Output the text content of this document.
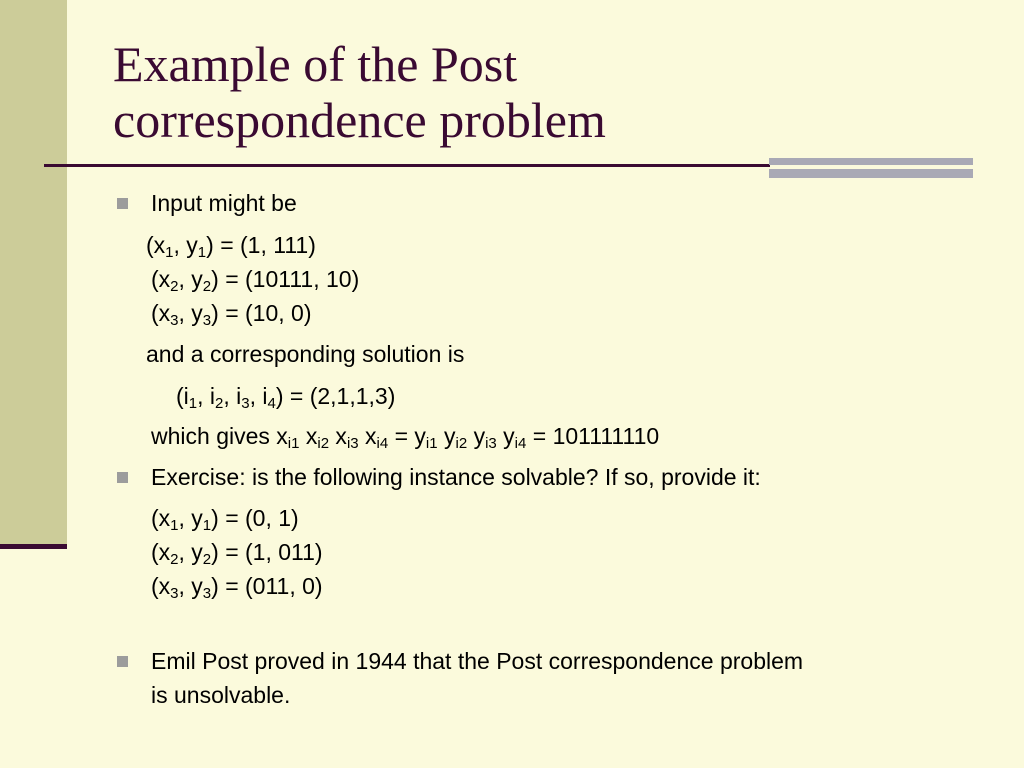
Example of the Post
correspondence problem
Input might be
($x_1$, $y_1) = (1$, 111)
($x_2$, $y_2) = (10111$, 10)
($x_3$, $y_3) = (10$, 0)
and a corresponding solution is
($i_1$, $i_2$, $i_3$, $i_4) = (2,1,1,3)$
which gives $x_{i1}$ $x_{i2}$ $x_{i3}$ $x_{i4} = y_{i1}$ $y_{i2}$ $y_{i3}$ $y_{i4} = 101111110$
Exercise: is the following instance solvable? If so, provide it:
($x_1$, $y_1) = (0$, 1)
($x_2$, $y_2) = (1$, 011)
($x_3$, $y_3) = (011$, 0)
Emil Post proved in 1944 that the Post correspondence problem
is unsolvable.
